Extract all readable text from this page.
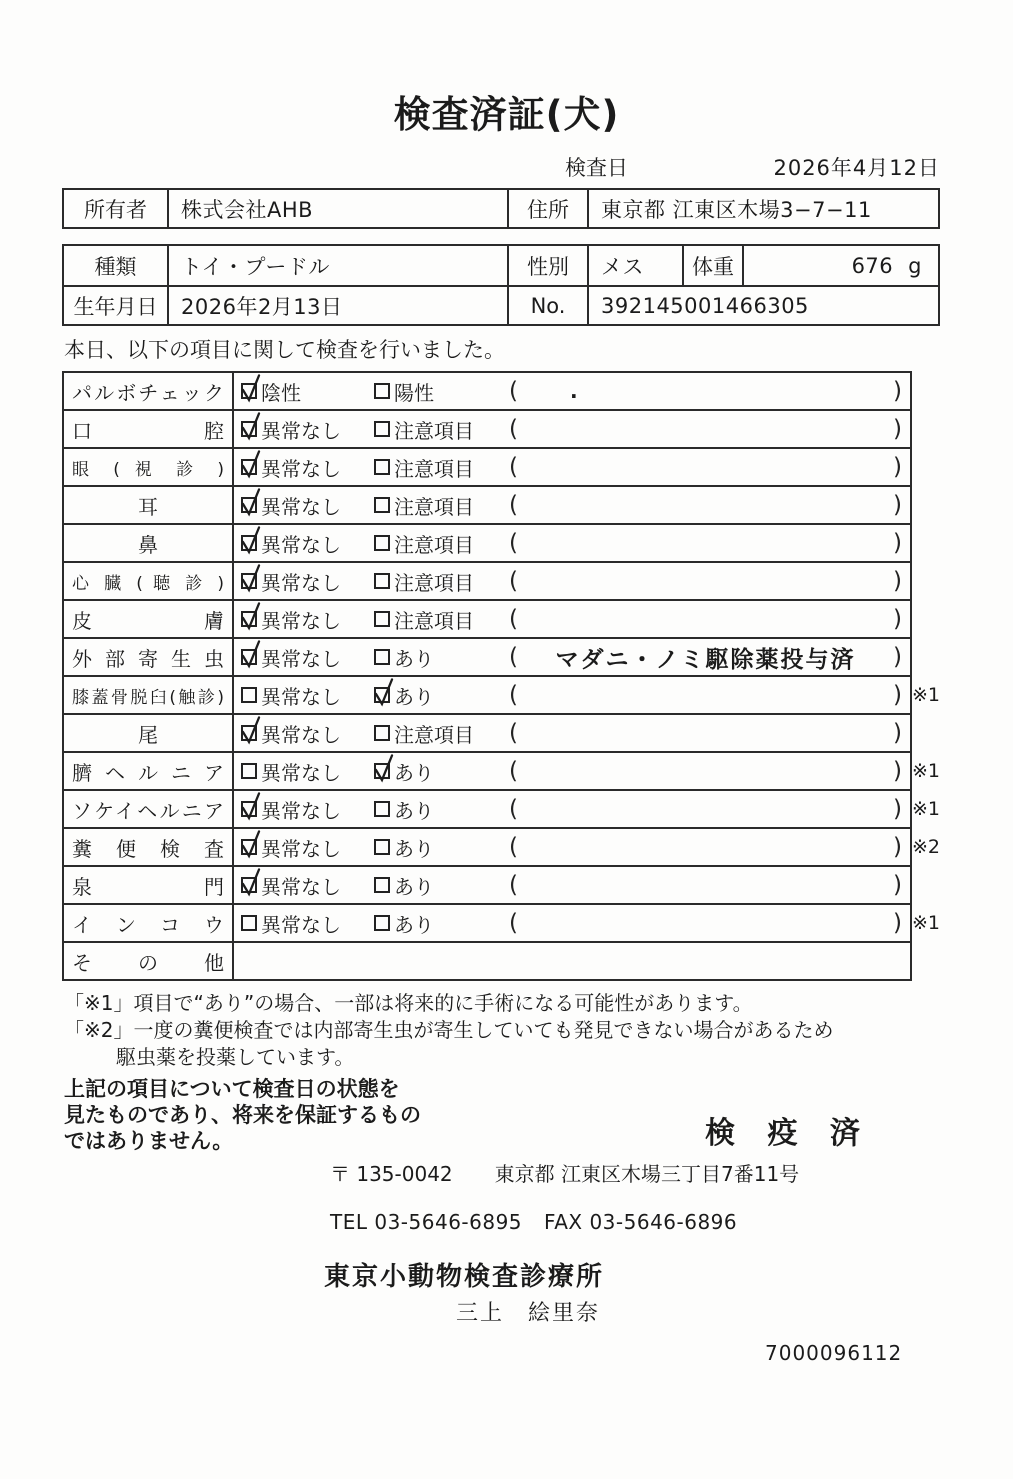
検査済証(犬)
検査日	2026年4月12日
所有者	株式会社AHB	住所	東京都 江東区木場3−7−11
種類	トイ・プードル	性別	メス	体重	676 g
生年月日	2026年2月13日	No.	392145001466305
本日、以下の項目に関して検査を行いました。
パルボチェック	陰性 陽性 ( . )	

口腔	異常なし 注意項目 ( )	

眼 ( 視 診 )	異常なし 注意項目 ( )	

耳	異常なし 注意項目 ( )	

鼻	異常なし 注意項目 ( )	

心 臓 ( 聴 診 )	異常なし 注意項目 ( )	

皮膚	異常なし 注意項目 ( )	

外部寄生虫	異常なし あり ( マダニ・ノミ駆除薬投与済 )	

膝蓋骨脱臼(触診)	異常なし あり ( )	※1

尾	異常なし 注意項目 ( )	

臍ヘルニア	異常なし あり ( )	※1

ソケイヘルニア	異常なし あり ( )	※1

糞便検査	異常なし あり ( )	※2

泉門	異常なし あり ( )	

インコウ	異常なし あり ( )	※1

その他		

「※1」項目で“あり”の場合、一部は将来的に手術になる可能性があります。
「※2」一度の糞便検査では内部寄生虫が寄生していても発見できない場合があるため
駆虫薬を投薬しています。
上記の項目について検査日の状態を
見たものであり、将来を保証するもの
ではありません。	検 疫 済
〒 135-0042 東京都 江東区木場三丁目7番11号
TEL 03-5646-6895 FAX 03-5646-6896
東京小動物検査診療所
三上　絵里奈
7000096112
